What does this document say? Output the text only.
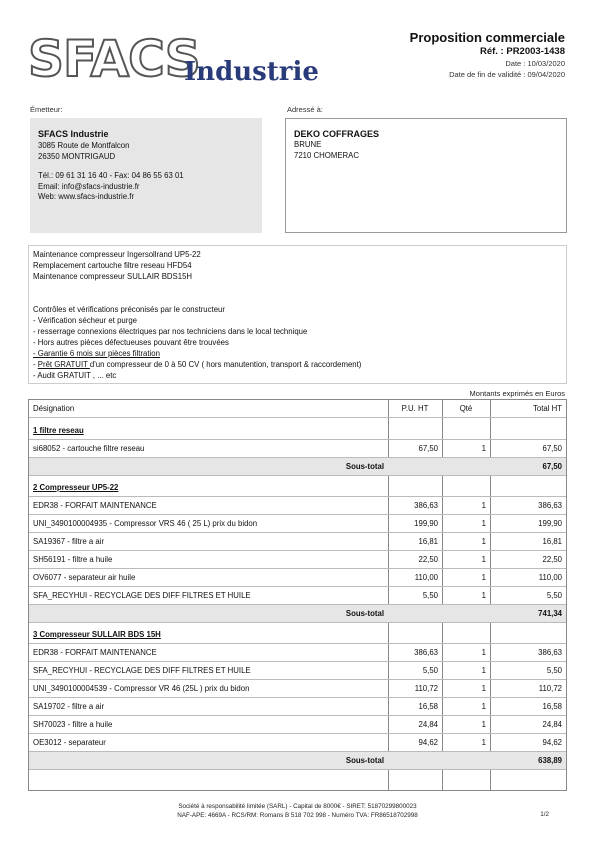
SFACS
Industrie
Proposition commerciale
Réf. : PR2003-1438
Date : 10/03/2020
Date de fin de validité : 09/04/2020
Émetteur:	Adressé à:
SFACS Industrie
3085 Route de Montfalcon
26350 MONTRIGAUD
Tél.: 09 61 31 16 40 - Fax: 04 86 55 63 01
Email: info@sfacs-industrie.fr
Web: www.sfacs-industrie.fr
DEKO COFFRAGES
BRUNE
7210 CHOMERAC
Maintenance compresseur Ingersollrand UP5-22
Remplacement cartouche filtre reseau HFD54
Maintenance compresseur SULLAIR BDS15H
Contrôles et vérifications préconisés par le constructeur
- Vérification sécheur et purge
- resserrage connexions électriques par nos techniciens dans le local technique
- Hors autres pièces défectueuses pouvant être trouvées
- Garantie 6 mois sur pièces filtration
- Prêt GRATUIT d'un compresseur de 0 à 50 CV ( hors manutention, transport & raccordement)
- Audit GRATUIT , ... etc
Montants exprimés en Euros
Désignation	P.U. HT	Qté	Total HT
1 filtre reseau
si68052 - cartouche filtre reseau	67,50	1	67,50
Sous-total	67,50
2 Compresseur UP5-22
EDR38 - FORFAIT MAINTENANCE	386,63	1	386,63
UNI_3490100004935 - Compressor VRS 46 ( 25 L) prix du bidon	199,90	1	199,90
SA19367 - filtre a air	16,81	1	16,81
SH56191 - filtre a huile	22,50	1	22,50
OV6077 - separateur air huile	110,00	1	110,00
SFA_RECYHUI - RECYCLAGE DES DIFF FILTRES ET HUILE	5,50	1	5,50
Sous-total	741,34
3 Compresseur SULLAIR BDS 15H
EDR38 - FORFAIT MAINTENANCE	386,63	1	386,63
SFA_RECYHUI - RECYCLAGE DES DIFF FILTRES ET HUILE	5,50	1	5,50
UNI_3490100004539 - Compressor VR 46 (25L ) prix du bidon	110,72	1	110,72
SA19702 - filtre a air	16,58	1	16,58
SH70023 - filtre a huile	24,84	1	24,84
OE3012 - separateur	94,62	1	94,62
Sous-total	638,89
Société à responsabilité limitée (SARL) - Capital de 8000€ - SIRET: 51870299800023
NAF-APE: 4669A - RCS/RM: Romans B 518 702 998 - Numéro TVA: FR86518702998	1/2
